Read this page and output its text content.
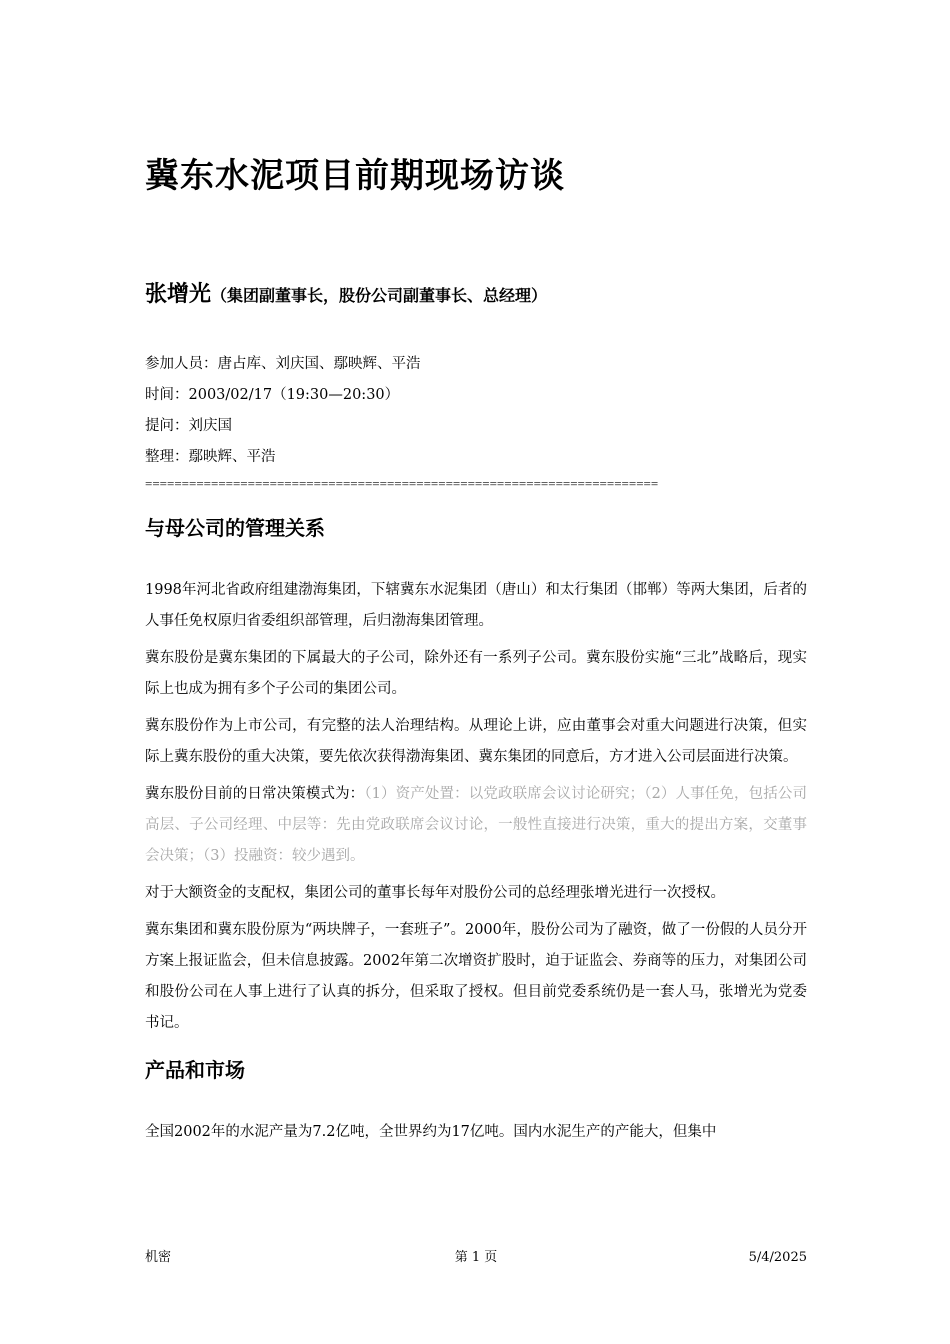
冀东水泥项目前期现场访谈
张增光（集团副董事长，股份公司副董事长、总经理）
参加人员：唐占库、刘庆国、鄢映辉、平浩
时间：2003/02/17（19:30—20:30）
提问：刘庆国
整理：鄢映辉、平浩
======================================================================
与母公司的管理关系

1998年河北省政府组建渤海集团，下辖冀东水泥集团（唐山）和太行集团（邯郸）等两大集团，后者的人事任免权原归省委组织部管理，后归渤海集团管理。

冀东股份是冀东集团的下属最大的子公司，除外还有一系列子公司。冀东股份实施“三北”战略后，现实际上也成为拥有多个子公司的集团公司。

冀东股份作为上市公司，有完整的法人治理结构。从理论上讲，应由董事会对重大问题进行决策，但实际上冀东股份的重大决策，要先依次获得渤海集团、冀东集团的同意后，方才进入公司层面进行决策。

冀东股份目前的日常决策模式为：（1）资产处置：以党政联席会议讨论研究；（2）人事任免，包括公司高层、子公司经理、中层等：先由党政联席会议讨论，一般性直接进行决策，重大的提出方案，交董事会决策；（3）投融资：较少遇到。

对于大额资金的支配权，集团公司的董事长每年对股份公司的总经理张增光进行一次授权。

冀东集团和冀东股份原为“两块牌子，一套班子”。2000年，股份公司为了融资，做了一份假的人员分开方案上报证监会，但未信息披露。2002年第二次增资扩股时，迫于证监会、券商等的压力，对集团公司和股份公司在人事上进行了认真的拆分，但采取了授权。但目前党委系统仍是一套人马，张增光为党委书记。

产品和市场

全国2002年的水泥产量为7.2亿吨，全世界约为17亿吨。国内水泥生产的产能大，但集中

机密	第 1 页	5/4/2025
